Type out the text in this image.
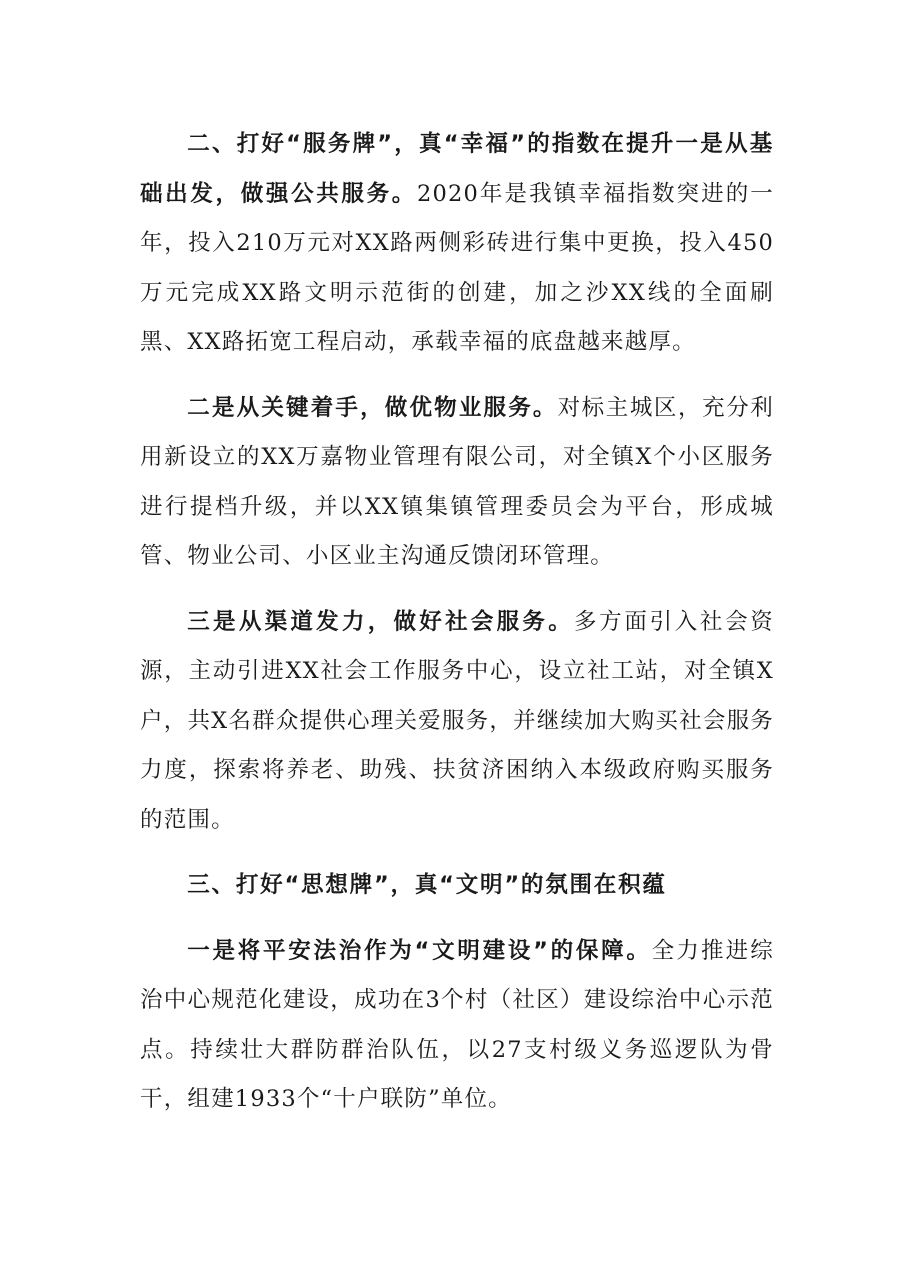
二、打好“服务牌”，真“幸福”的指数在提升一是从基础出发，做强公共服务。2020年是我镇幸福指数突进的一年，投入210万元对XX路两侧彩砖进行集中更换，投入450万元完成XX路文明示范街的创建，加之沙XX线的全面刷黑、XX路拓宽工程启动，承载幸福的底盘越来越厚。

二是从关键着手，做优物业服务。对标主城区，充分利用新设立的XX万嘉物业管理有限公司，对全镇X个小区服务进行提档升级，并以XX镇集镇管理委员会为平台，形成城管、物业公司、小区业主沟通反馈闭环管理。

三是从渠道发力，做好社会服务。多方面引入社会资源，主动引进XX社会工作服务中心，设立社工站，对全镇X户，共X名群众提供心理关爱服务，并继续加大购买社会服务力度，探索将养老、助残、扶贫济困纳入本级政府购买服务的范围。

三、打好“思想牌”，真“文明”的氛围在积蕴

一是将平安法治作为“文明建设”的保障。全力推进综治中心规范化建设，成功在3个村（社区）建设综治中心示范点。持续壮大群防群治队伍，以27支村级义务巡逻队为骨干，组建1933个“十户联防”单位。
